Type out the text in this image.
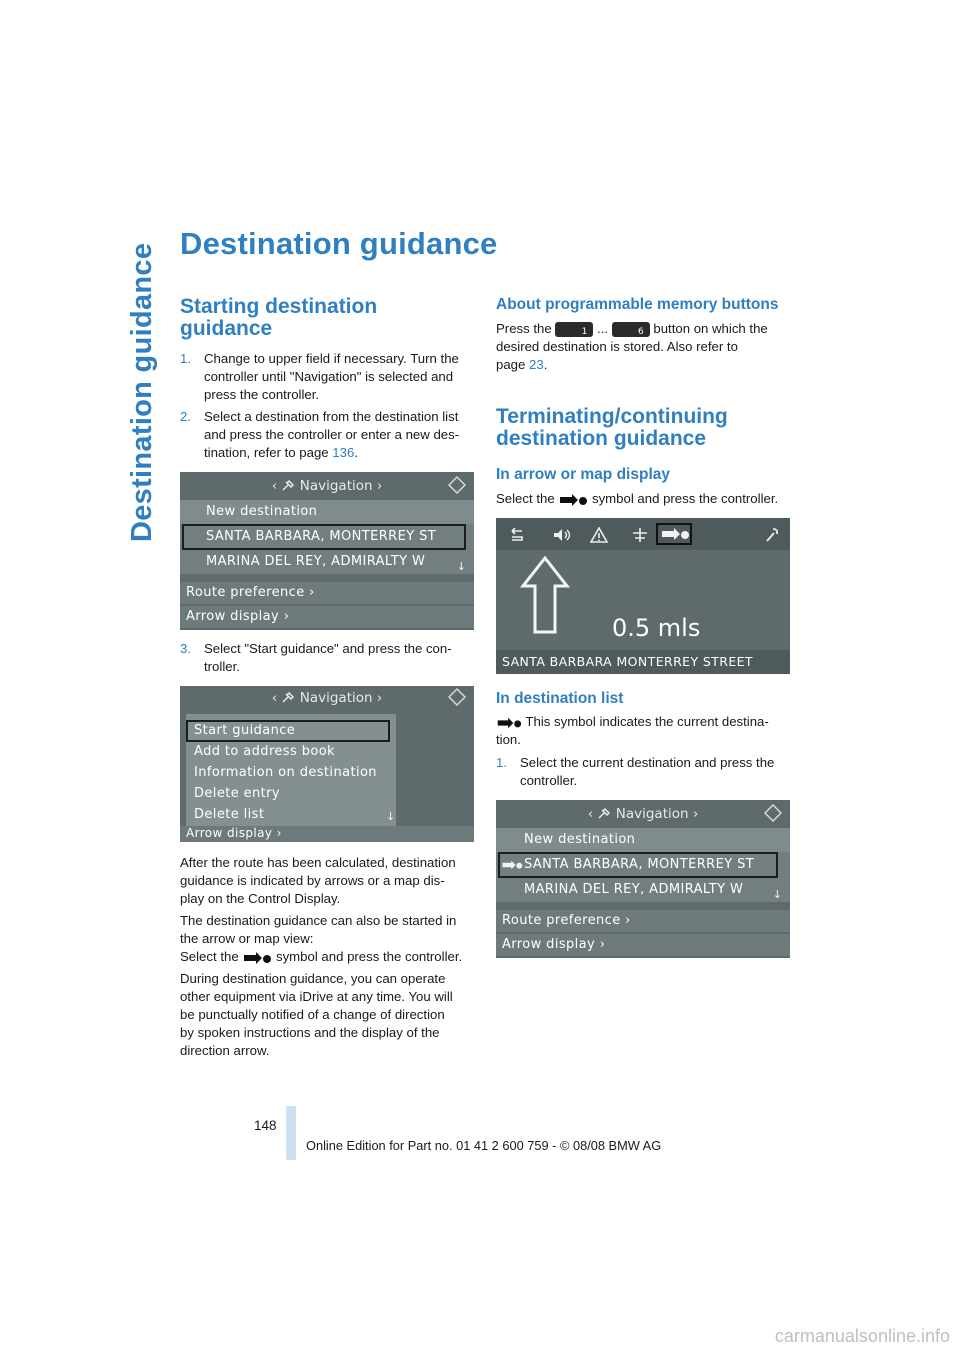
Destination guidance Destination guidance
Starting destination
guidance
1. Change to upper field if necessary. Turn the
controller until "Navigation" is selected and
press the controller.
2. Select a destination from the destination list
and press the controller or enter a new des-
tination, refer to page 136.
‹  Navigation ›
New destination
SANTA BARBARA, MONTERREY ST
MARINA DEL REY, ADMIRALTY W	↓
Route preference ›
Arrow display ›
3. Select "Start guidance" and press the con-
troller.
‹  Navigation ›
Start guidance
Add to address book
Information on destination
Delete entry
Delete list	↓
Arrow display ›
After the route has been calculated, destination
guidance is indicated by arrows or a map dis-
play on the Control Display.
The destination guidance can also be started in
the arrow or map view:
Select the  symbol and press the controller.
During destination guidance, you can operate
other equipment via iDrive at any time. You will
be punctually notified of a change of direction
by spoken instructions and the display of the
direction arrow.
About programmable memory buttons
Press the	1 ...	6 button on which the
desired destination is stored. Also refer to
page 23.
Terminating/continuing
destination guidance
In arrow or map display
Select the  symbol and press the controller.
0.5 mls
SANTA BARBARA MONTERREY STREET
In destination list
This symbol indicates the current destina-
tion.
1. Select the current destination and press the
controller.
‹  Navigation ›
New destination
SANTA BARBARA, MONTERREY ST
MARINA DEL REY, ADMIRALTY W	↓
Route preference ›
Arrow display ›
148
Online Edition for Part no. 01 41 2 600 759 - © 08/08 BMW AG
carmanualsonline.info
